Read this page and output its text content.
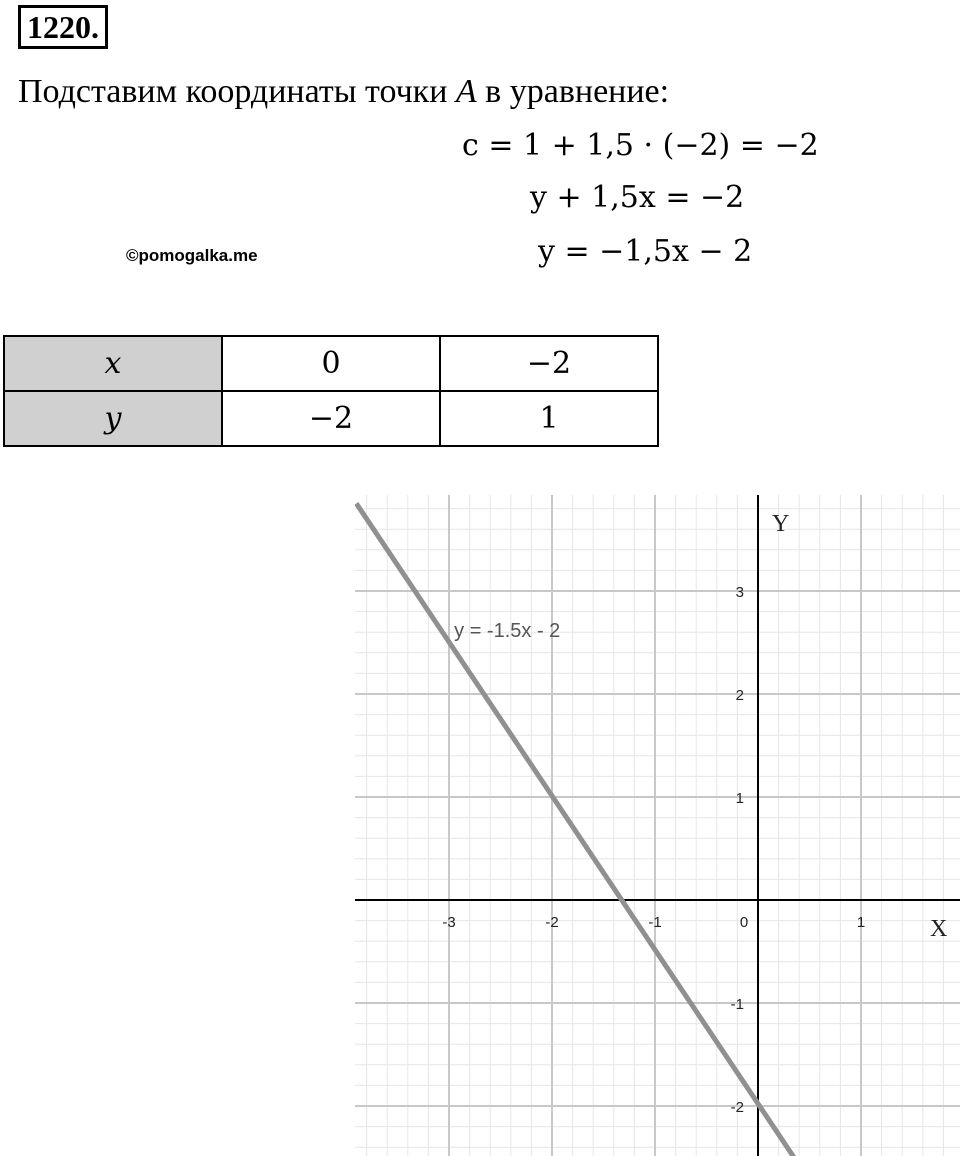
1220.
Подставим координаты точки A в уравнение:
c = 1 + 1,5 · (−2) = −2
y + 1,5x = −2
y = −1,5x − 2
©pomogalka.me
x	0	−2
y	−2	1
X
Y
-3	-2	-1	0	1
3
2
1
-1
-2
y = -1.5x - 2
